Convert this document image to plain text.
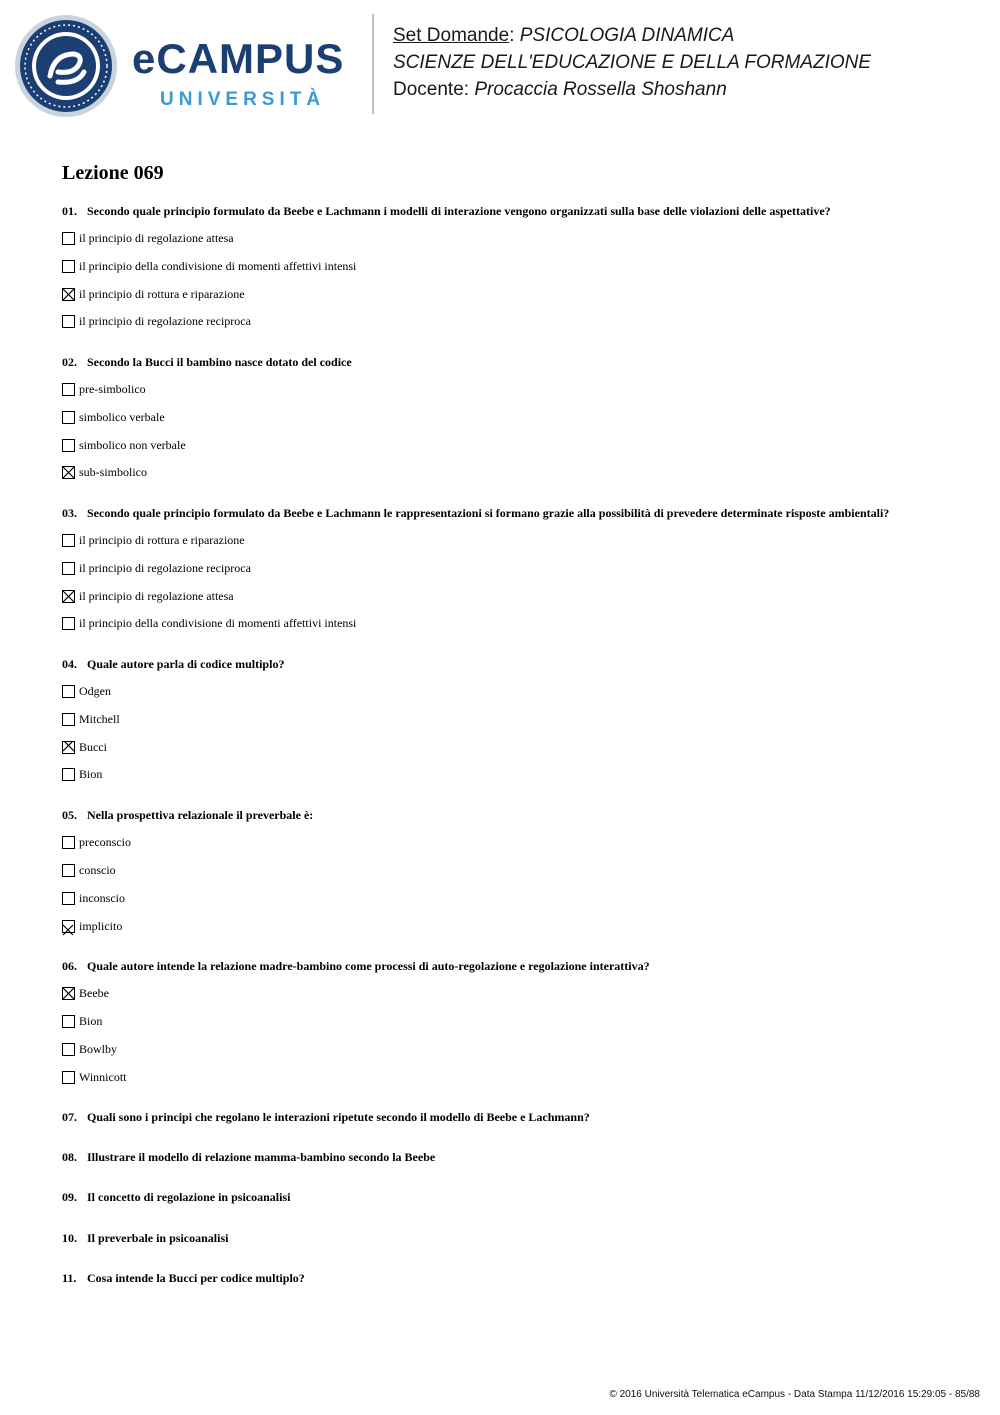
eCAMPUS
UNIVERSITÀ
Set Domande: PSICOLOGIA DINAMICA
SCIENZE DELL'EDUCAZIONE E DELLA FORMAZIONE
Docente: Procaccia Rossella Shoshann
Lezione 069
01. Secondo quale principio formulato da Beebe e Lachmann i modelli di interazione vengono organizzati sulla base delle violazioni delle aspettative?
il principio di regolazione attesa
il principio della condivisione di momenti affettivi intensi
il principio di rottura e riparazione
il principio di regolazione reciproca
02. Secondo la Bucci il bambino nasce dotato del codice
pre-simbolico
simbolico verbale
simbolico non verbale
sub-simbolico
03. Secondo quale principio formulato da Beebe e Lachmann le rappresentazioni si formano grazie alla possibilità di prevedere determinate risposte ambientali?
il principio di rottura e riparazione
il principio di regolazione reciproca
il principio di regolazione attesa
il principio della condivisione di momenti affettivi intensi
04. Quale autore parla di codice multiplo?
Odgen
Mitchell
Bucci
Bion
05. Nella prospettiva relazionale il preverbale è:
preconscio
conscio
inconscio
implicito
06. Quale autore intende la relazione madre-bambino come processi di auto-regolazione e regolazione interattiva?
Beebe
Bion
Bowlby
Winnicott
07. Quali sono i principi che regolano le interazioni ripetute secondo il modello di Beebe e Lachmann?
08. Illustrare il modello di relazione mamma-bambino secondo la Beebe
09. Il concetto di regolazione in psicoanalisi
10. Il preverbale in psicoanalisi
11. Cosa intende la Bucci per codice multiplo?
© 2016 Università Telematica eCampus - Data Stampa 11/12/2016 15:29:05 - 85/88
